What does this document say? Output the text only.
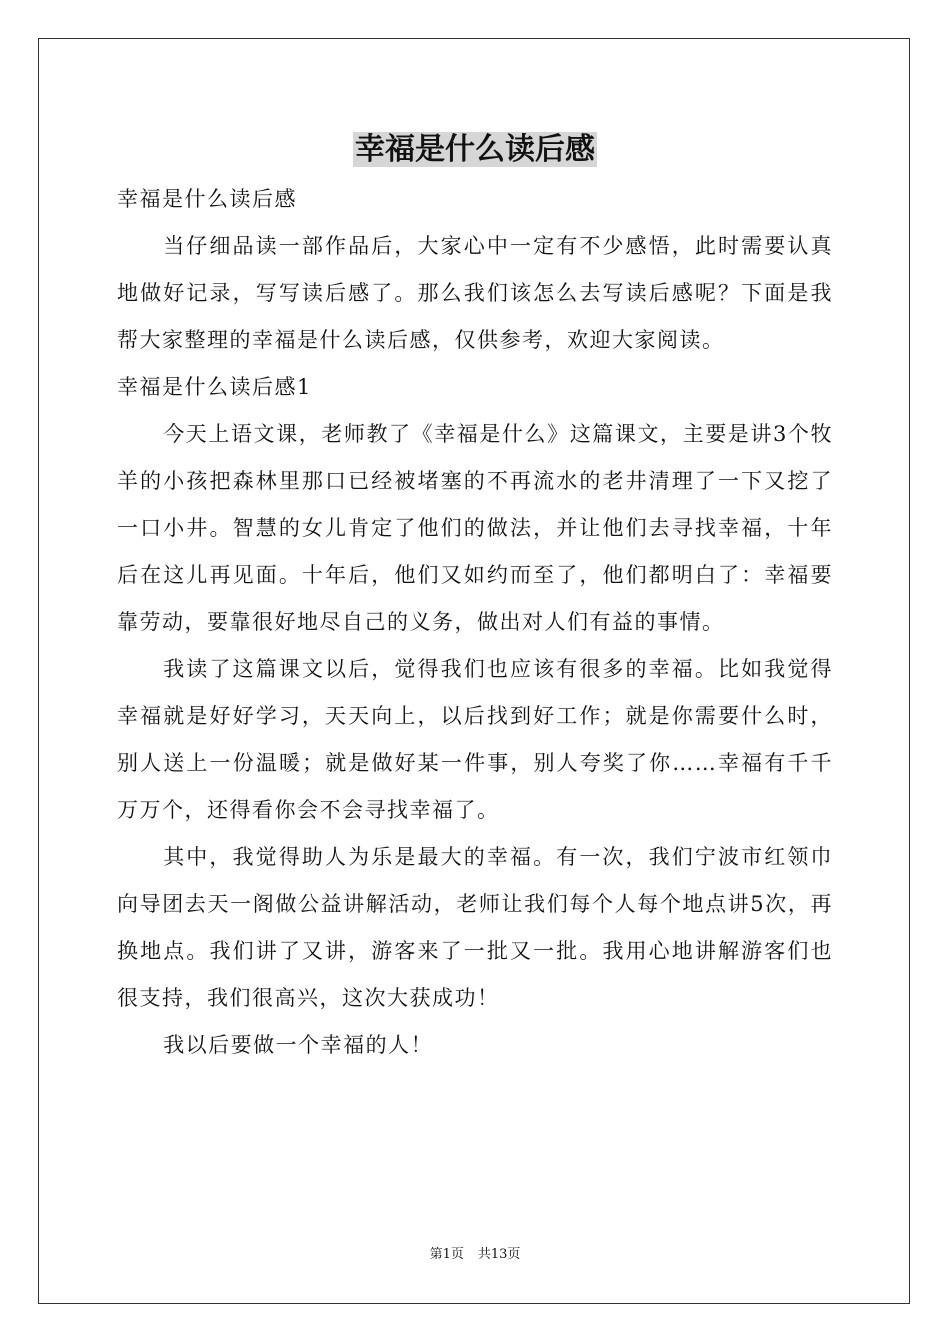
幸福是什么读后感

幸福是什么读后感

当仔细品读一部作品后，大家心中一定有不少感悟，此时需要认真地做好记录，写写读后感了。那么我们该怎么去写读后感呢？下面是我帮大家整理的幸福是什么读后感，仅供参考，欢迎大家阅读。

幸福是什么读后感1

今天上语文课，老师教了《幸福是什么》这篇课文，主要是讲3个牧羊的小孩把森林里那口已经被堵塞的不再流水的老井清理了一下又挖了一口小井。智慧的女儿肯定了他们的做法，并让他们去寻找幸福，十年后在这儿再见面。十年后，他们又如约而至了，他们都明白了：幸福要靠劳动，要靠很好地尽自己的义务，做出对人们有益的事情。

我读了这篇课文以后，觉得我们也应该有很多的幸福。比如我觉得幸福就是好好学习，天天向上，以后找到好工作；就是你需要什么时，别人送上一份温暖；就是做好某一件事，别人夸奖了你……幸福有千千万万个，还得看你会不会寻找幸福了。

其中，我觉得助人为乐是最大的幸福。有一次，我们宁波市红领巾向导团去天一阁做公益讲解活动，老师让我们每个人每个地点讲5次，再换地点。我们讲了又讲，游客来了一批又一批。我用心地讲解游客们也很支持，我们很高兴，这次大获成功！

我以后要做一个幸福的人！

第1页 共13页
